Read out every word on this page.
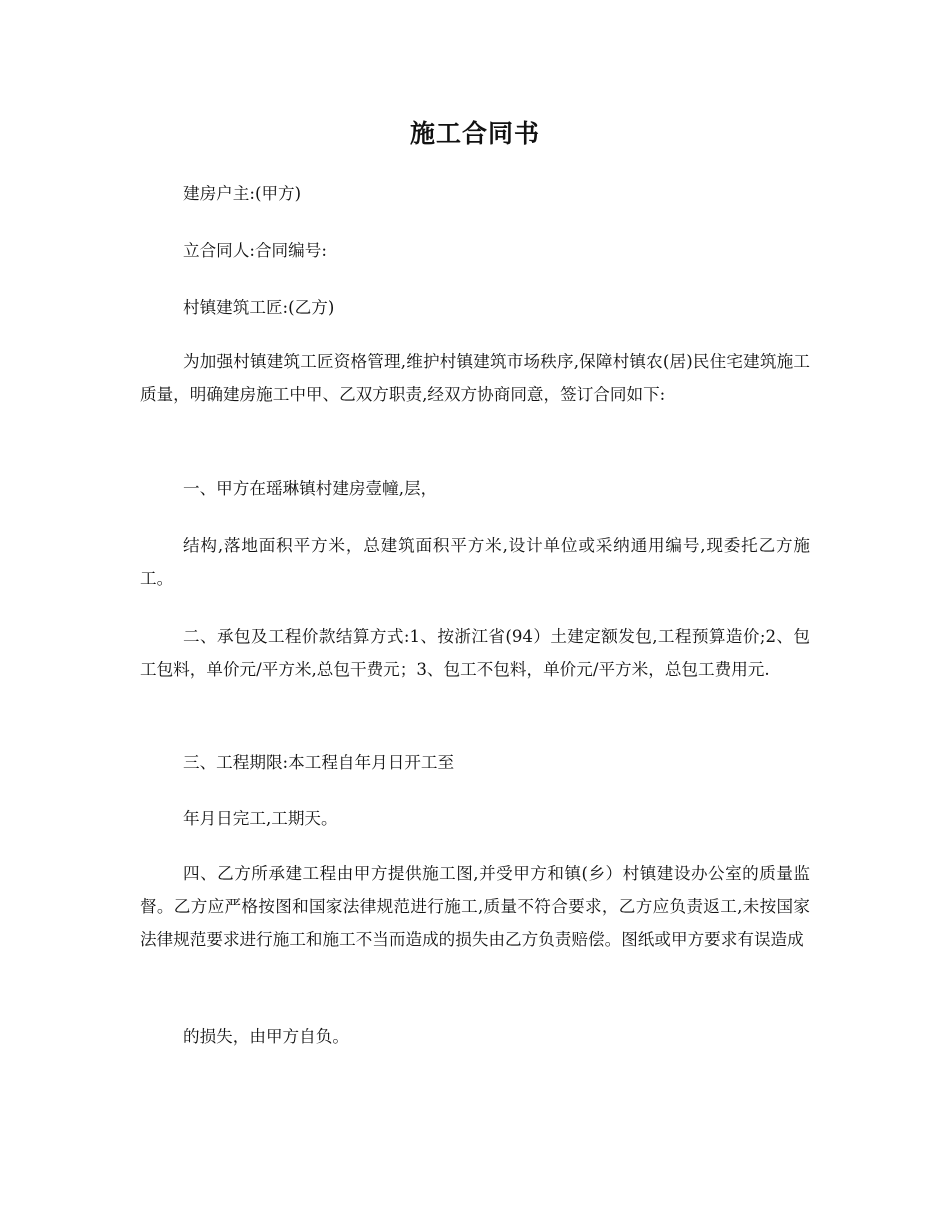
施工合同书

建房户主:(甲方)

立合同人:合同编号:

村镇建筑工匠:(乙方)

为加强村镇建筑工匠资格管理,维护村镇建筑市场秩序,保障村镇农(居)民住宅建筑施工质量，明确建房施工中甲、乙双方职责,经双方协商同意，签订合同如下:

一、甲方在瑶琳镇村建房壹幢,层，

结构,落地面积平方米，总建筑面积平方米,设计单位或采纳通用编号,现委托乙方施工。

二、承包及工程价款结算方式:1、按浙江省(94）土建定额发包,工程预算造价;2、包工包料，单价元/平方米,总包干费元；3、包工不包料，单价元/平方米，总包工费用元.

三、工程期限:本工程自年月日开工至

年月日完工,工期天。

四、乙方所承建工程由甲方提供施工图,并受甲方和镇(乡）村镇建设办公室的质量监督。乙方应严格按图和国家法律规范进行施工,质量不符合要求，乙方应负责返工,未按国家法律规范要求进行施工和施工不当而造成的损失由乙方负责赔偿。图纸或甲方要求有误造成

的损失，由甲方自负。
